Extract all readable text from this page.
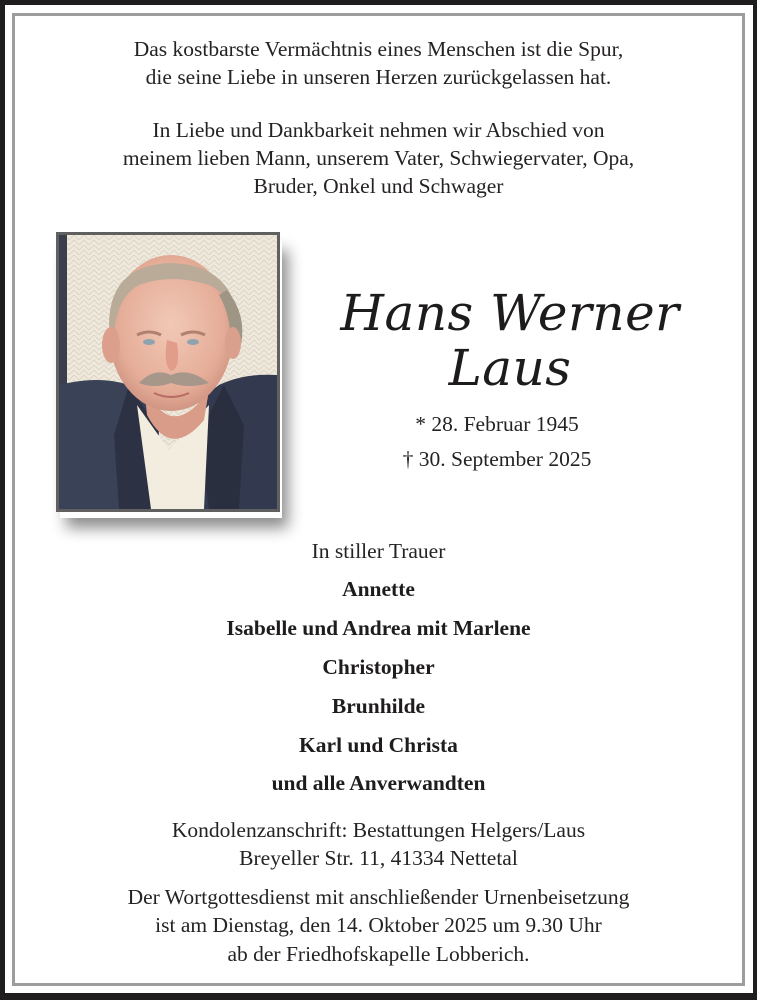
Das kostbarste Vermächtnis eines Menschen ist die Spur,
die seine Liebe in unseren Herzen zurückgelassen hat.
In Liebe und Dankbarkeit nehmen wir Abschied von
meinem lieben Mann, unserem Vater, Schwiegervater, Opa,
Bruder, Onkel und Schwager
Hans Werner
Laus
* 28. Februar 1945
† 30. September 2025
In stiller Trauer
Annette
Isabelle und Andrea mit Marlene
Christopher
Brunhilde
Karl und Christa
und alle Anverwandten
Kondolenzanschrift: Bestattungen Helgers/Laus
Breyeller Str. 11, 41334 Nettetal
Der Wortgottesdienst mit anschließender Urnenbeisetzung
ist am Dienstag, den 14. Oktober 2025 um 9.30 Uhr
ab der Friedhofskapelle Lobberich.
